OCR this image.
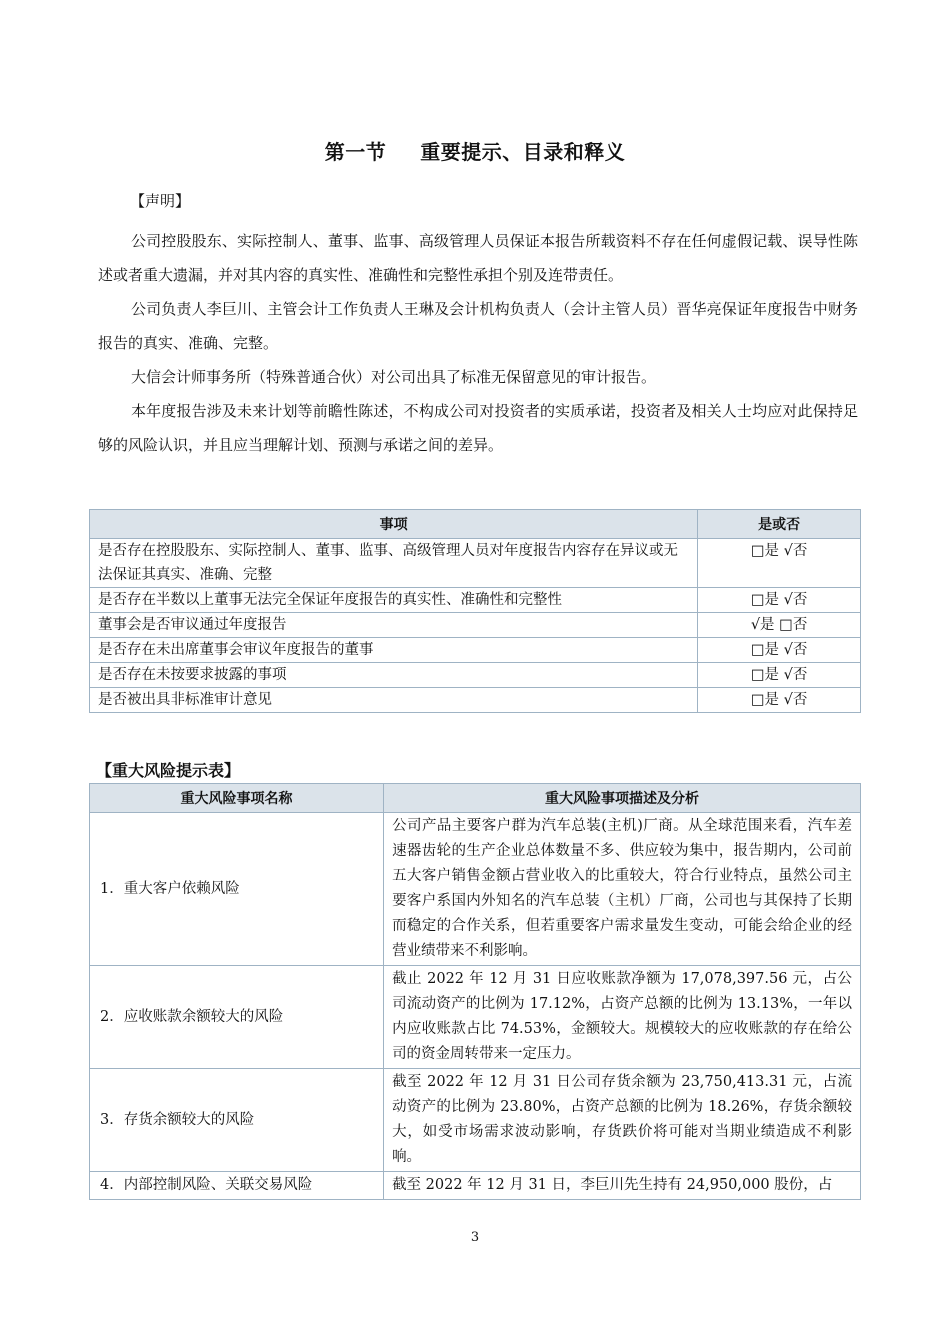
第一节 重要提示、目录和释义
【声明】

公司控股股东、实际控制人、董事、监事、高级管理人员保证本报告所载资料不存在任何虚假记载、误导性陈述或者重大遗漏，并对其内容的真实性、准确性和完整性承担个别及连带责任。

公司负责人李巨川、主管会计工作负责人王琳及会计机构负责人（会计主管人员）晋华亮保证年度报告中财务报告的真实、准确、完整。

大信会计师事务所（特殊普通合伙）对公司出具了标准无保留意见的审计报告。

本年度报告涉及未来计划等前瞻性陈述，不构成公司对投资者的实质承诺，投资者及相关人士均应对此保持足够的风险认识，并且应当理解计划、预测与承诺之间的差异。

事项	是或否
是否存在控股股东、实际控制人、董事、监事、高级管理人员对年度报告内容存在异议或无法保证其真实、准确、完整	□是 √否
是否存在半数以上董事无法完全保证年度报告的真实性、准确性和完整性	□是 √否
董事会是否审议通过年度报告	√是 □否
是否存在未出席董事会审议年度报告的董事	□是 √否
是否存在未按要求披露的事项	□是 √否
是否被出具非标准审计意见	□是 √否
【重大风险提示表】
重大风险事项名称	重大风险事项描述及分析
1．重大客户依赖风险	公司产品主要客户群为汽车总装(主机)厂商。从全球范围来看，汽车差速器齿轮的生产企业总体数量不多、供应较为集中，报告期内，公司前五大客户销售金额占营业收入的比重较大，符合行业特点，虽然公司主要客户系国内外知名的汽车总装（主机）厂商，公司也与其保持了长期而稳定的合作关系，但若重要客户需求量发生变动，可能会给企业的经营业绩带来不利影响。
2．应收账款余额较大的风险	截止 2022 年 12 月 31 日应收账款净额为 17,078,397.56 元，占公司流动资产的比例为 17.12%，占资产总额的比例为 13.13%，一年以内应收账款占比 74.53%，金额较大。规模较大的应收账款的存在给公司的资金周转带来一定压力。
3．存货余额较大的风险	截至 2022 年 12 月 31 日公司存货余额为 23,750,413.31 元，占流动资产的比例为 23.80%，占资产总额的比例为 18.26%，存货余额较大，如受市场需求波动影响，存货跌价将可能对当期业绩造成不利影响。
4．内部控制风险、关联交易风险	截至 2022 年 12 月 31 日，李巨川先生持有 24,950,000 股份，占
3
